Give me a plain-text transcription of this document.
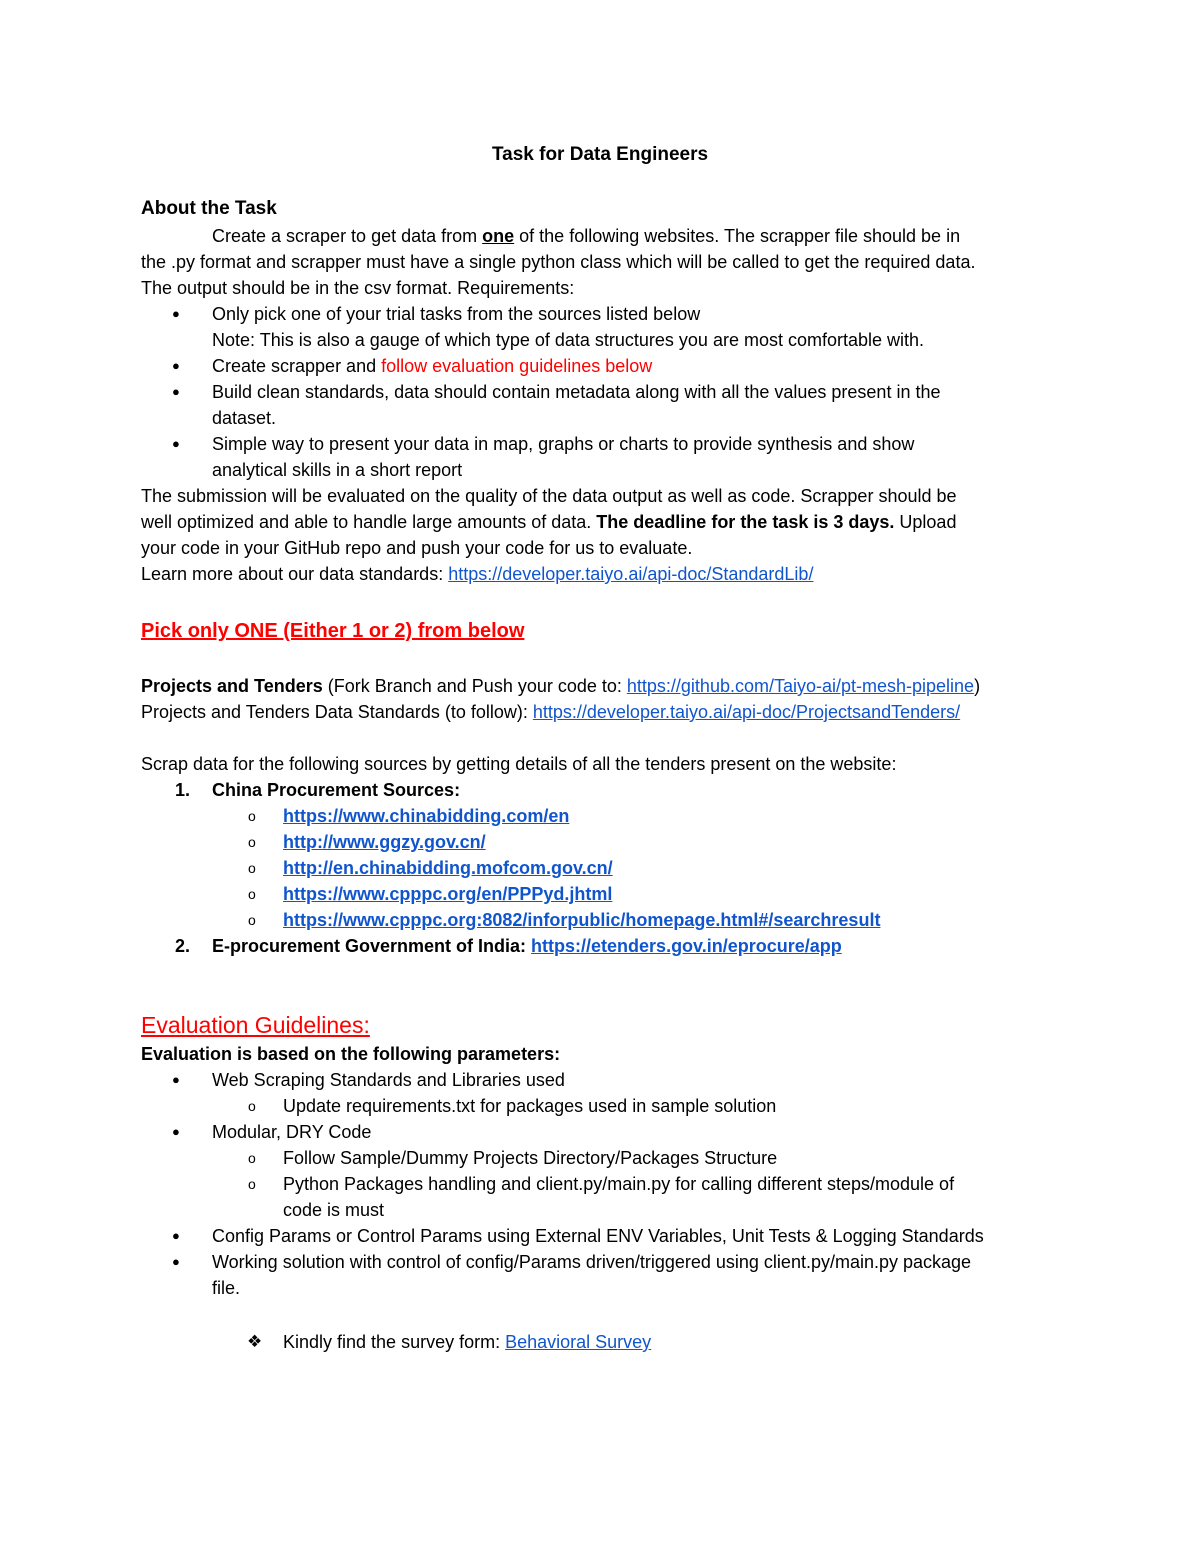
Task for Data Engineers
About the Task
Create a scraper to get data from one of the following websites. The scrapper file should be in
the .py format and scrapper must have a single python class which will be called to get the required data.
The output should be in the csv format. Requirements:
● Only pick one of your trial tasks from the sources listed below
Note: This is also a gauge of which type of data structures you are most comfortable with.
● Create scrapper and follow evaluation guidelines below
● Build clean standards, data should contain metadata along with all the values present in the
dataset.
● Simple way to present your data in map, graphs or charts to provide synthesis and show
analytical skills in a short report
The submission will be evaluated on the quality of the data output as well as code. Scrapper should be
well optimized and able to handle large amounts of data. The deadline for the task is 3 days. Upload
your code in your GitHub repo and push your code for us to evaluate.
Learn more about our data standards: https://developer.taiyo.ai/api-doc/StandardLib/
Pick only ONE (Either 1 or 2) from below
Projects and Tenders (Fork Branch and Push your code to: https://github.com/Taiyo-ai/pt-mesh-pipeline)
Projects and Tenders Data Standards (to follow): https://developer.taiyo.ai/api-doc/ProjectsandTenders/
Scrap data for the following sources by getting details of all the tenders present on the website:
1. China Procurement Sources:
o https://www.chinabidding.com/en
o http://www.ggzy.gov.cn/
o http://en.chinabidding.mofcom.gov.cn/
o https://www.cpppc.org/en/PPPyd.jhtml
o https://www.cpppc.org:8082/inforpublic/homepage.html#/searchresult
2. E-procurement Government of India: https://etenders.gov.in/eprocure/app
Evaluation Guidelines:
Evaluation is based on the following parameters:
● Web Scraping Standards and Libraries used
o Update requirements.txt for packages used in sample solution
● Modular, DRY Code
o Follow Sample/Dummy Projects Directory/Packages Structure
o Python Packages handling and client.py/main.py for calling different steps/module of
code is must
● Config Params or Control Params using External ENV Variables, Unit Tests & Logging Standards
● Working solution with control of config/Params driven/triggered using client.py/main.py package
file.
❖ Kindly find the survey form: Behavioral Survey
